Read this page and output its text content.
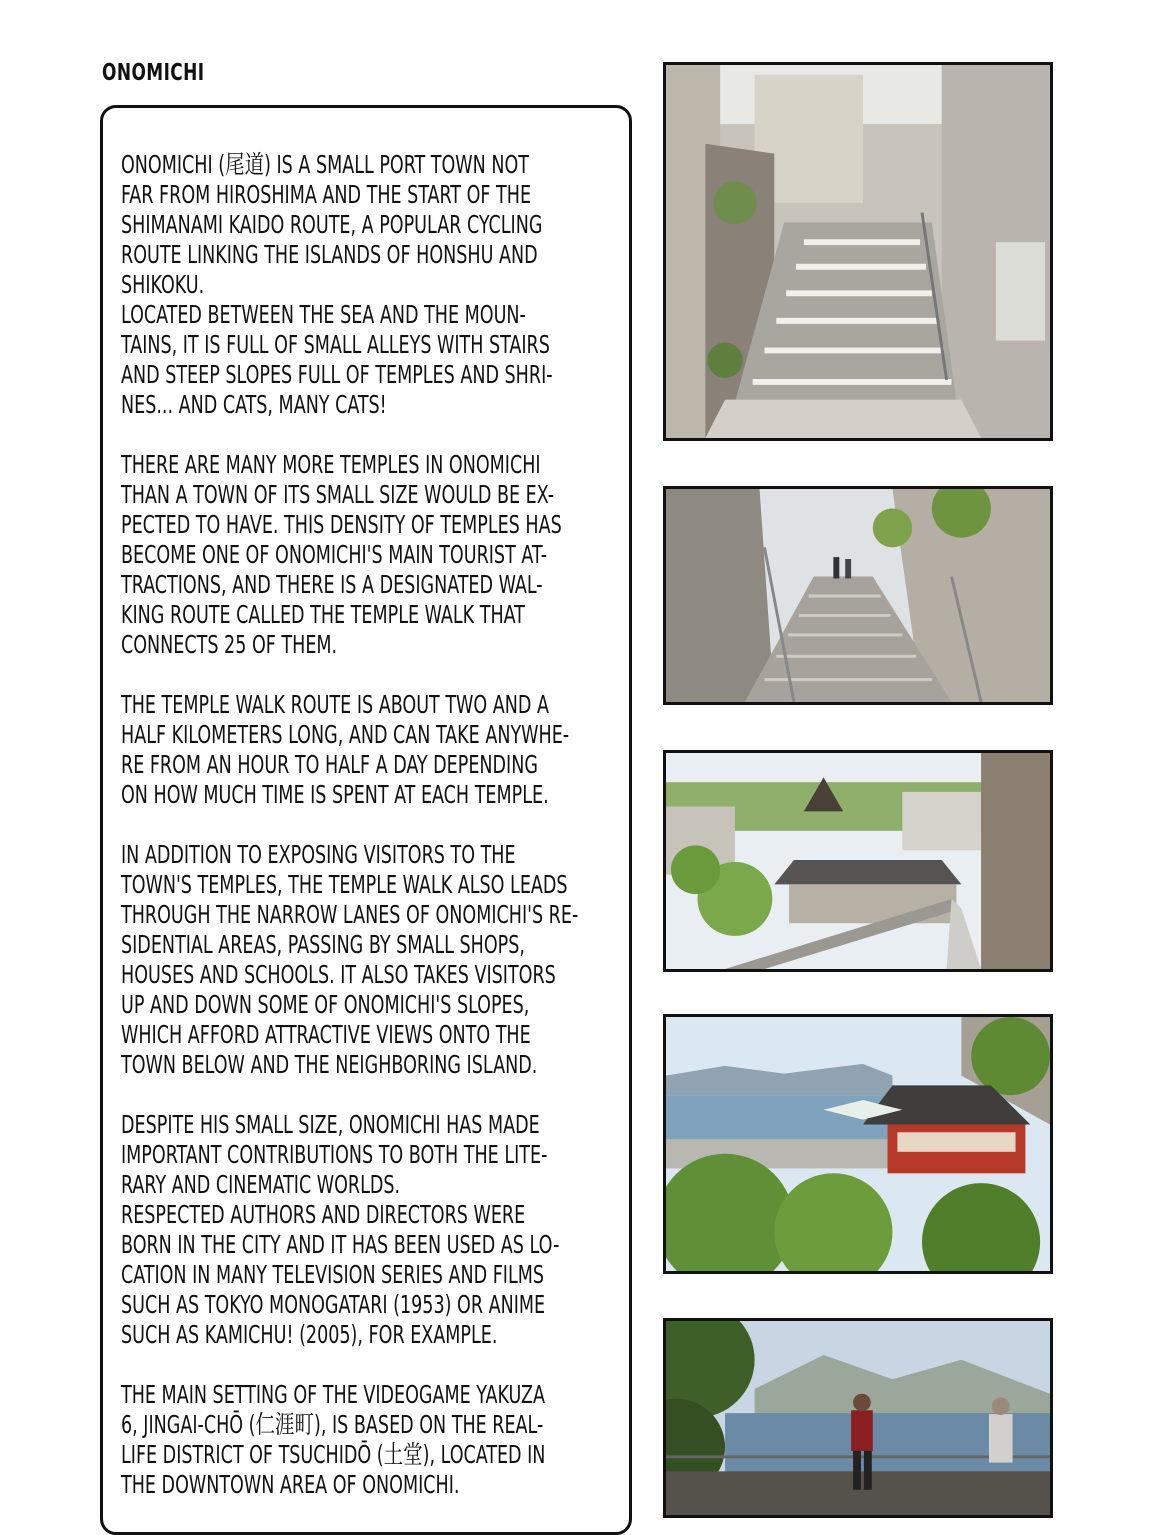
ONOMICHI
ONOMICHI (尾道) IS A SMALL PORT TOWN NOT
FAR FROM HIROSHIMA AND THE START OF THE
SHIMANAMI KAIDO ROUTE, A POPULAR CYCLING
ROUTE LINKING THE ISLANDS OF HONSHU AND
SHIKOKU.
LOCATED BETWEEN THE SEA AND THE MOUN-
TAINS, IT IS FULL OF SMALL ALLEYS WITH STAIRS
AND STEEP SLOPES FULL OF TEMPLES AND SHRI-
NES... AND CATS, MANY CATS!
THERE ARE MANY MORE TEMPLES IN ONOMICHI
THAN A TOWN OF ITS SMALL SIZE WOULD BE EX-
PECTED TO HAVE. THIS DENSITY OF TEMPLES HAS
BECOME ONE OF ONOMICHI'S MAIN TOURIST AT-
TRACTIONS, AND THERE IS A DESIGNATED WAL-
KING ROUTE CALLED THE TEMPLE WALK THAT
CONNECTS 25 OF THEM.
THE TEMPLE WALK ROUTE IS ABOUT TWO AND A
HALF KILOMETERS LONG, AND CAN TAKE ANYWHE-
RE FROM AN HOUR TO HALF A DAY DEPENDING
ON HOW MUCH TIME IS SPENT AT EACH TEMPLE.
IN ADDITION TO EXPOSING VISITORS TO THE
TOWN'S TEMPLES, THE TEMPLE WALK ALSO LEADS
THROUGH THE NARROW LANES OF ONOMICHI'S RE-
SIDENTIAL AREAS, PASSING BY SMALL SHOPS,
HOUSES AND SCHOOLS. IT ALSO TAKES VISITORS
UP AND DOWN SOME OF ONOMICHI'S SLOPES,
WHICH AFFORD ATTRACTIVE VIEWS ONTO THE
TOWN BELOW AND THE NEIGHBORING ISLAND.
DESPITE HIS SMALL SIZE, ONOMICHI HAS MADE
IMPORTANT CONTRIBUTIONS TO BOTH THE LITE-
RARY AND CINEMATIC WORLDS.
RESPECTED AUTHORS AND DIRECTORS WERE
BORN IN THE CITY AND IT HAS BEEN USED AS LO-
CATION IN MANY TELEVISION SERIES AND FILMS
SUCH AS TOKYO MONOGATARI (1953) OR ANIME
SUCH AS KAMICHU! (2005), FOR EXAMPLE.
THE MAIN SETTING OF THE VIDEOGAME YAKUZA
6, JINGAI-CHŌ (仁涯町), IS BASED ON THE REAL-
LIFE DISTRICT OF TSUCHIDŌ (土堂), LOCATED IN
THE DOWNTOWN AREA OF ONOMICHI.
